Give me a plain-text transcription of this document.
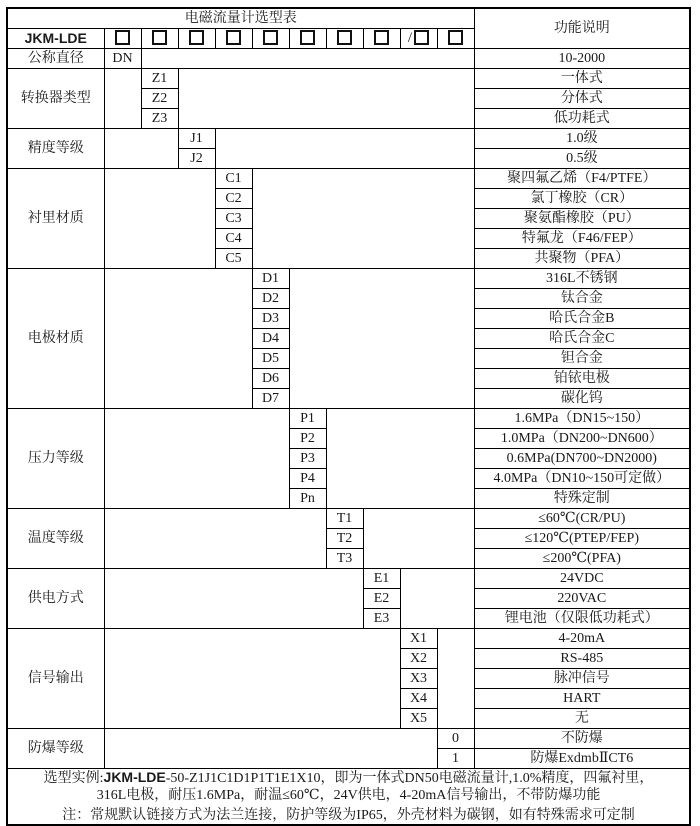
电磁流量计选型表											功能说明
JKM-LDE									/		
公称直径	DN										10-2000
转换器类型		Z1									一体式
		Z2									分体式
		Z3									低功耗式
精度等级			J1								1.0级
			J2								0.5级
衬里材质				C1							聚四氟乙烯（F4/PTFE）
				C2							氯丁橡胶（CR）
				C3							聚氨酯橡胶（PU）
				C4							特氟龙（F46/FEP）
				C5							共聚物（PFA）
电极材质					D1						316L不锈钢
					D2						钛合金
					D3						哈氏合金B
					D4						哈氏合金C
					D5						钽合金
					D6						铂铱电极
					D7						碳化钨
压力等级						P1					1.6MPa（DN15~150）
						P2					1.0MPa（DN200~DN600）
						P3					0.6MPa(DN700~DN2000)
						P4					4.0MPa（DN10~150可定做）
						Pn					特殊定制
温度等级							T1				≤60℃(CR/PU)
							T2				≤120℃(PTEP/FEP)
							T3				≤200℃(PFA)
供电方式								E1			24VDC
								E2			220VAC
								E3			锂电池（仅限低功耗式）
信号输出									X1		4-20mA
									X2		RS-485
									X3		脉冲信号
									X4		HART
									X5		无
防爆等级										0	不防爆
										1	防爆ExdmbⅡCT6
选型实例:JKM-LDE-50-Z1J1C1D1P1T1E1X10，即为一体式DN50电磁流量计,1.0%精度，四氟衬里，
316L电极，耐压1.6MPa，耐温≤60℃，24V供电，4-20mA信号输出，不带防爆功能
注：常规默认链接方式为法兰连接，防护等级为IP65，外壳材料为碳钢，如有特殊需求可定制											
